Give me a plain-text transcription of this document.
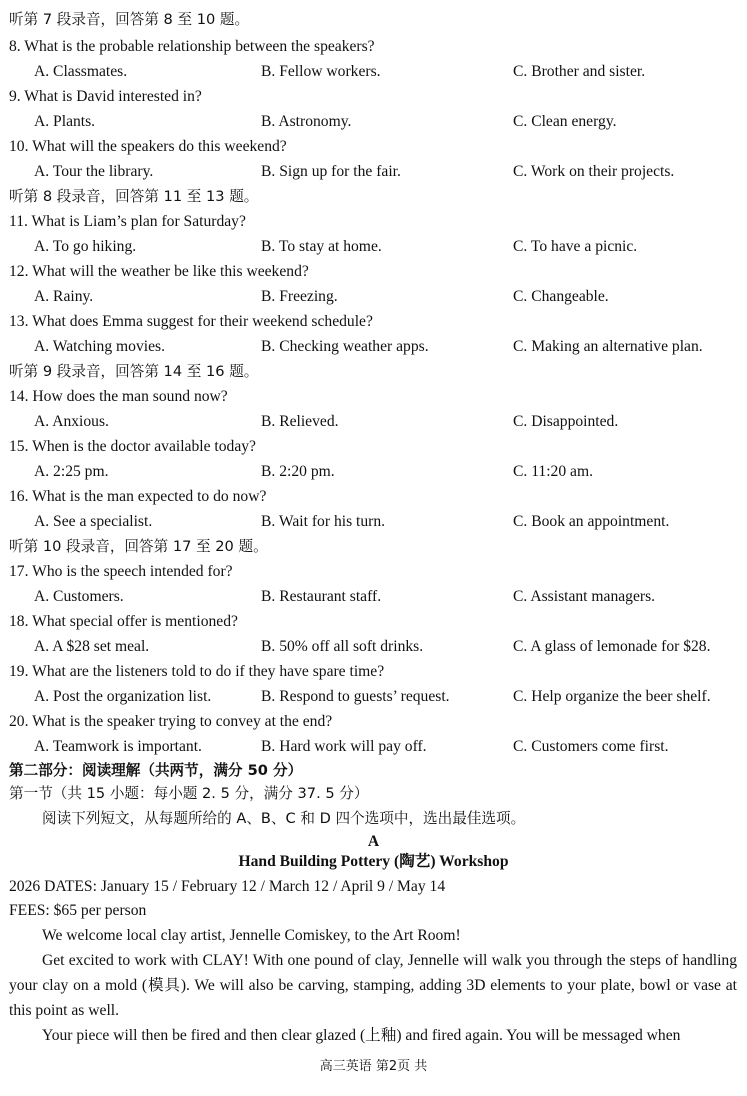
听第 7 段录音，回答第 8 至 10 题。
8. What is the probable relationship between the speakers?
A. Classmates.	B. Fellow workers.	C. Brother and sister.
9. What is David interested in?
A. Plants.	B. Astronomy.	C. Clean energy.
10. What will the speakers do this weekend?
A. Tour the library.	B. Sign up for the fair.	C. Work on their projects.
听第 8 段录音，回答第 11 至 13 题。
11. What is Liam’s plan for Saturday?
A. To go hiking.	B. To stay at home.	C. To have a picnic.
12. What will the weather be like this weekend?
A. Rainy.	B. Freezing.	C. Changeable.
13. What does Emma suggest for their weekend schedule?
A. Watching movies.	B. Checking weather apps.	C. Making an alternative plan.
听第 9 段录音，回答第 14 至 16 题。
14. How does the man sound now?
A. Anxious.	B. Relieved.	C. Disappointed.
15. When is the doctor available today?
A. 2:25 pm.	B. 2:20 pm.	C. 11:20 am.
16. What is the man expected to do now?
A. See a specialist.	B. Wait for his turn.	C. Book an appointment.
听第 10 段录音，回答第 17 至 20 题。
17. Who is the speech intended for?
A. Customers.	B. Restaurant staff.	C. Assistant managers.
18. What special offer is mentioned?
A. A $28 set meal.	B. 50% off all soft drinks.	C. A glass of lemonade for $28.
19. What are the listeners told to do if they have spare time?
A. Post the organization list.	B. Respond to guests’ request.	C. Help organize the beer shelf.
20. What is the speaker trying to convey at the end?
A. Teamwork is important.	B. Hard work will pay off.	C. Customers come first.
第二部分：阅读理解（共两节，满分 50 分）
第一节（共 15 小题：每小题 2. 5 分，满分 37. 5 分）
阅读下列短文，从每题所给的 A、B、C 和 D 四个选项中，选出最佳选项。
A
Hand Building Pottery (陶艺) Workshop
2026 DATES: January 15 / February 12 / March 12 / April 9 / May 14
FEES: $65 per person
We welcome local clay artist, Jennelle Comiskey, to the Art Room!
Get excited to work with CLAY! With one pound of clay, Jennelle will walk you through the steps of handling your clay on a mold (模具). We will also be carving, stamping, adding 3D elements to your plate, bowl or vase at this point as well.
Your piece will then be fired and then clear glazed (上釉) and fired again. You will be messaged when
高三英语 第2页 共
